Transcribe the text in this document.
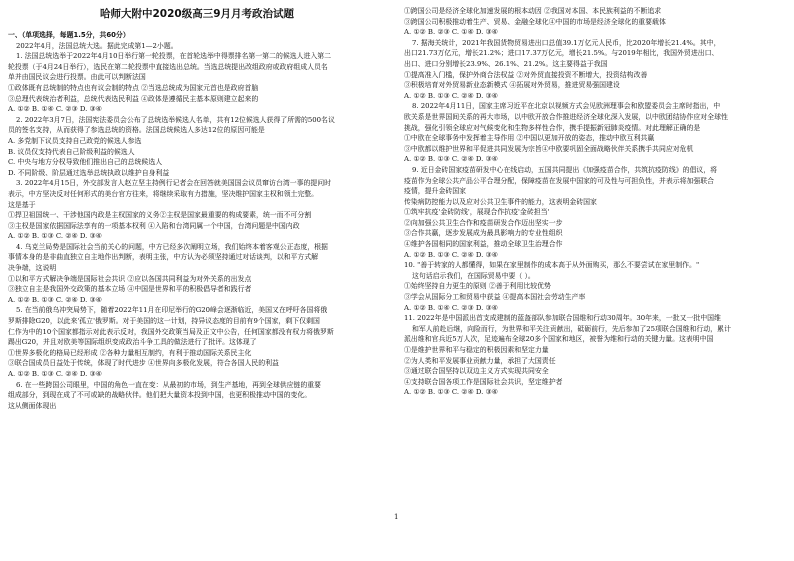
哈师大附中2020级高三9月月考政治试题
一、（单项选择，每题1.5分，共60分）
2022年4月，法国总统大选。据此完成第1—2小题。
1. 法国总统选举于2022年4月10日举行第一轮投票，在首轮选举中得票排名第一第二的候选人进入第二
轮投票（于4月24日举行），选民在第二轮投票中直接选出总统。当选总统提出改组政府或政府组成人员名
单并由国民议会进行投票。由此可以判断法国
①政体既有总统制的特点也有议会制的特点 ②当选总统成为国家元首也是政府首脑
③总理代表统治者利益，总统代表选民利益 ④政体是遵循民主基本原则建立起来的
A. ①② B. ①④ C. ②③ D. ③④
2. 2022年3月7日，法国宪法委员会公布了总统选举候选人名单，共有12位候选人获得了所需的500名议
员的签名支持，从而获得了参选总统的资格。法国总统候选人多达12位的原因可能是
A. 多党制下议员支持自己政党的候选人参选
B. 议员仅支持代表自己阶级利益的候选人
C. 中央与地方分权导致他们推出自己的总统候选人
D. 不同阶级、阶层通过选举总统执政以维护自身利益
3. 2022年4月15日，外交部发言人赵立坚主持例行记者会在回答就美国国会议员窜访台湾一事的提问时
表示，中方坚决反对任何形式的美台官方往来，将继续采取有力措施，坚决维护国家主权和领土完整。
这是基于
①捍卫祖国统一、干涉他国内政是主权国家的义务②主权是国家最重要的构成要素，统一而不可分割
③主权是国家依据国际法享有的一项基本权利 ④入陷和台湾同属一个中国，台湾问题是中国内政
A. ①② B. ①③ C. ②④ D. ③④
4. 乌克兰局势是国际社会当前关心的问题，中方已经多次阐明立场，我们始终本着客观公正态度，根据
事情本身的是非曲直独立自主地作出判断，表明主张，中方认为必须坚持通过对话谈判，以和平方式解
决争端，这说明
①以和平方式解决争端是国际社会共识 ②应以各国共同利益为对外关系的出发点
③独立自主是我国外交政策的基本立场 ④中国是世界和平的积极倡导者和践行者
A. ①② B. ①③ C. ②④ D. ③④
5. 在当前俄乌冲突局势下，随着2022年11月在印尼举行的G20峰会逐渐临近，美国又在呼吁各国将俄
罗斯排除G20，以此来'孤立'俄罗斯。对于美国的这一计划，持异议态度的目前有9个国家，剩下仅剩国
仁作为中的10个国家都指示对此表示反对，我国外交政策当局及正文中公告，任何国家都没有权力将俄罗斯
踢出G20，并且对欧美等国际组织变成政治斗争工具的做法进行了批评。这体现了
①世界多极化的格局已经形成 ②各种力量相互制约，有利于推动国际关系民主化
③联合国成员日益处于传统，体现了时代进步 ④世界向多极化发展，符合各国人民的利益
A. ①② B. ①③ C. ②④ D. ③④
6. 在一些跨国公司眼里，中国的角色一直在变：从最初的市场，到生产基地，再到全球供应链的重要
组成部分，到现在成了不可或缺的战略伙伴。他们把大量资本投到中国，也更积极推动中国的变化。
这从侧面体现出
①跨国公司是经济全球化加速发展的根本动因 ②我国对本国、本民族利益的不断追求
③跨国公司积极推动着生产、贸易、金融全球化④中国的市场是经济全球化的重要载体
A. ①② B. ②③ C. ①④ D. ③④
7. 据海关统计，2021年我国货物贸易进出口总值39.1万亿元人民币，比2020年增长21.4%。其中，
出口21.73万亿元，增长21.2%；进口17.37万亿元，增长21.5%。与2019年相比，我国外贸进出口、
出口、进口分别增长23.9%、26.1%、21.2%。这主要得益于我国
①提高准入门槛，保护外商合法权益 ②对外贸直接投资不断增大，投资结构改善
③积极培育对外贸易新业态新模式 ④拓展对外贸易，推进贸易强国建设
A. ①② B. ①③ C. ②④ D. ③④
8. 2022年4月11日，国家主席习近平在北京以视频方式会见欧洲理事会和欧盟委员会主席时指出，中
欧关系是世界国间关系的再大市场，以中欧开放合作推进经济全球化深入发展，以中欧团结协作应对全球性
挑战，强化引领全球应对气候变化和生物多样性合作，携手提振新冠肺炎疫情。对此理解正确的是
①中欧在全球事务中发挥着主导作用 ②中国以更加开放的姿态，推动中欧互利共赢
③中欧都以维护世界和平促进共同发展为宗旨④中欧要巩固全面战略伙伴关系携手共同应对危机
A. ①② B. ①③ C. ②④ D. ③④
9. 近日金砖国家疫苗研发中心在线启动，五国共同提出《加强疫苗合作，共筑抗疫防线》的倡议，将
疫苗作为全球公共产品公平合理分配，保障疫苗在发展中国家的可及性与可担负性，并表示将加强联合
疫情，提升金砖国家
传染病防控能力以及应对公共卫生事件的能力，这表明金砖国家
①筑牢抗疫'金砖防线'，展现合作抗疫'金砖担当'
②向加强公共卫生合作和疫苗研发合作迈出坚实一步
③合作共赢，逐步发展成为最具影响力的专业性组织
④维护各国相同的国家利益，推动全球卫生治理合作
A. ①② B. ①③ C. ②④ D. ③④
10. "善于转家的人都懂得，如果在家里制作的成本高于从外面购买，那么不要尝试在家里制作。"
这句话启示我们，在国际贸易中要（ ）。
①始终坚持自力更生的原则 ②善于利用比较优势
③学会从国际分工和贸易中获益 ④提高本国社会劳动生产率
A. ①② B. ①④ C. ②③ D. ③④
11. 2022年是中国派出首支成建制的蓝盔部队参加联合国维和行动30周年。30年来，一批又一批中国维
和军人前赴后继，向险而行，为世界和平关注贡献出，砥砺前行，先后参加了25项联合国维和行动，累计
派出维和官兵近5万人次，足迹遍布全球20多个国家和地区，被誉为维和行动的关键力量。这表明中国
①是维护世界和平与稳定的积极因素和坚定力量
②为人类和平发展事业贡献力量，承担了大国责任
③通过联合国坚持以双边主义方式实现共同安全
④支持联合国各项工作是国际社会共识，坚定维护者
A. ①② B. ①③ C. ②④ D. ③④
1
